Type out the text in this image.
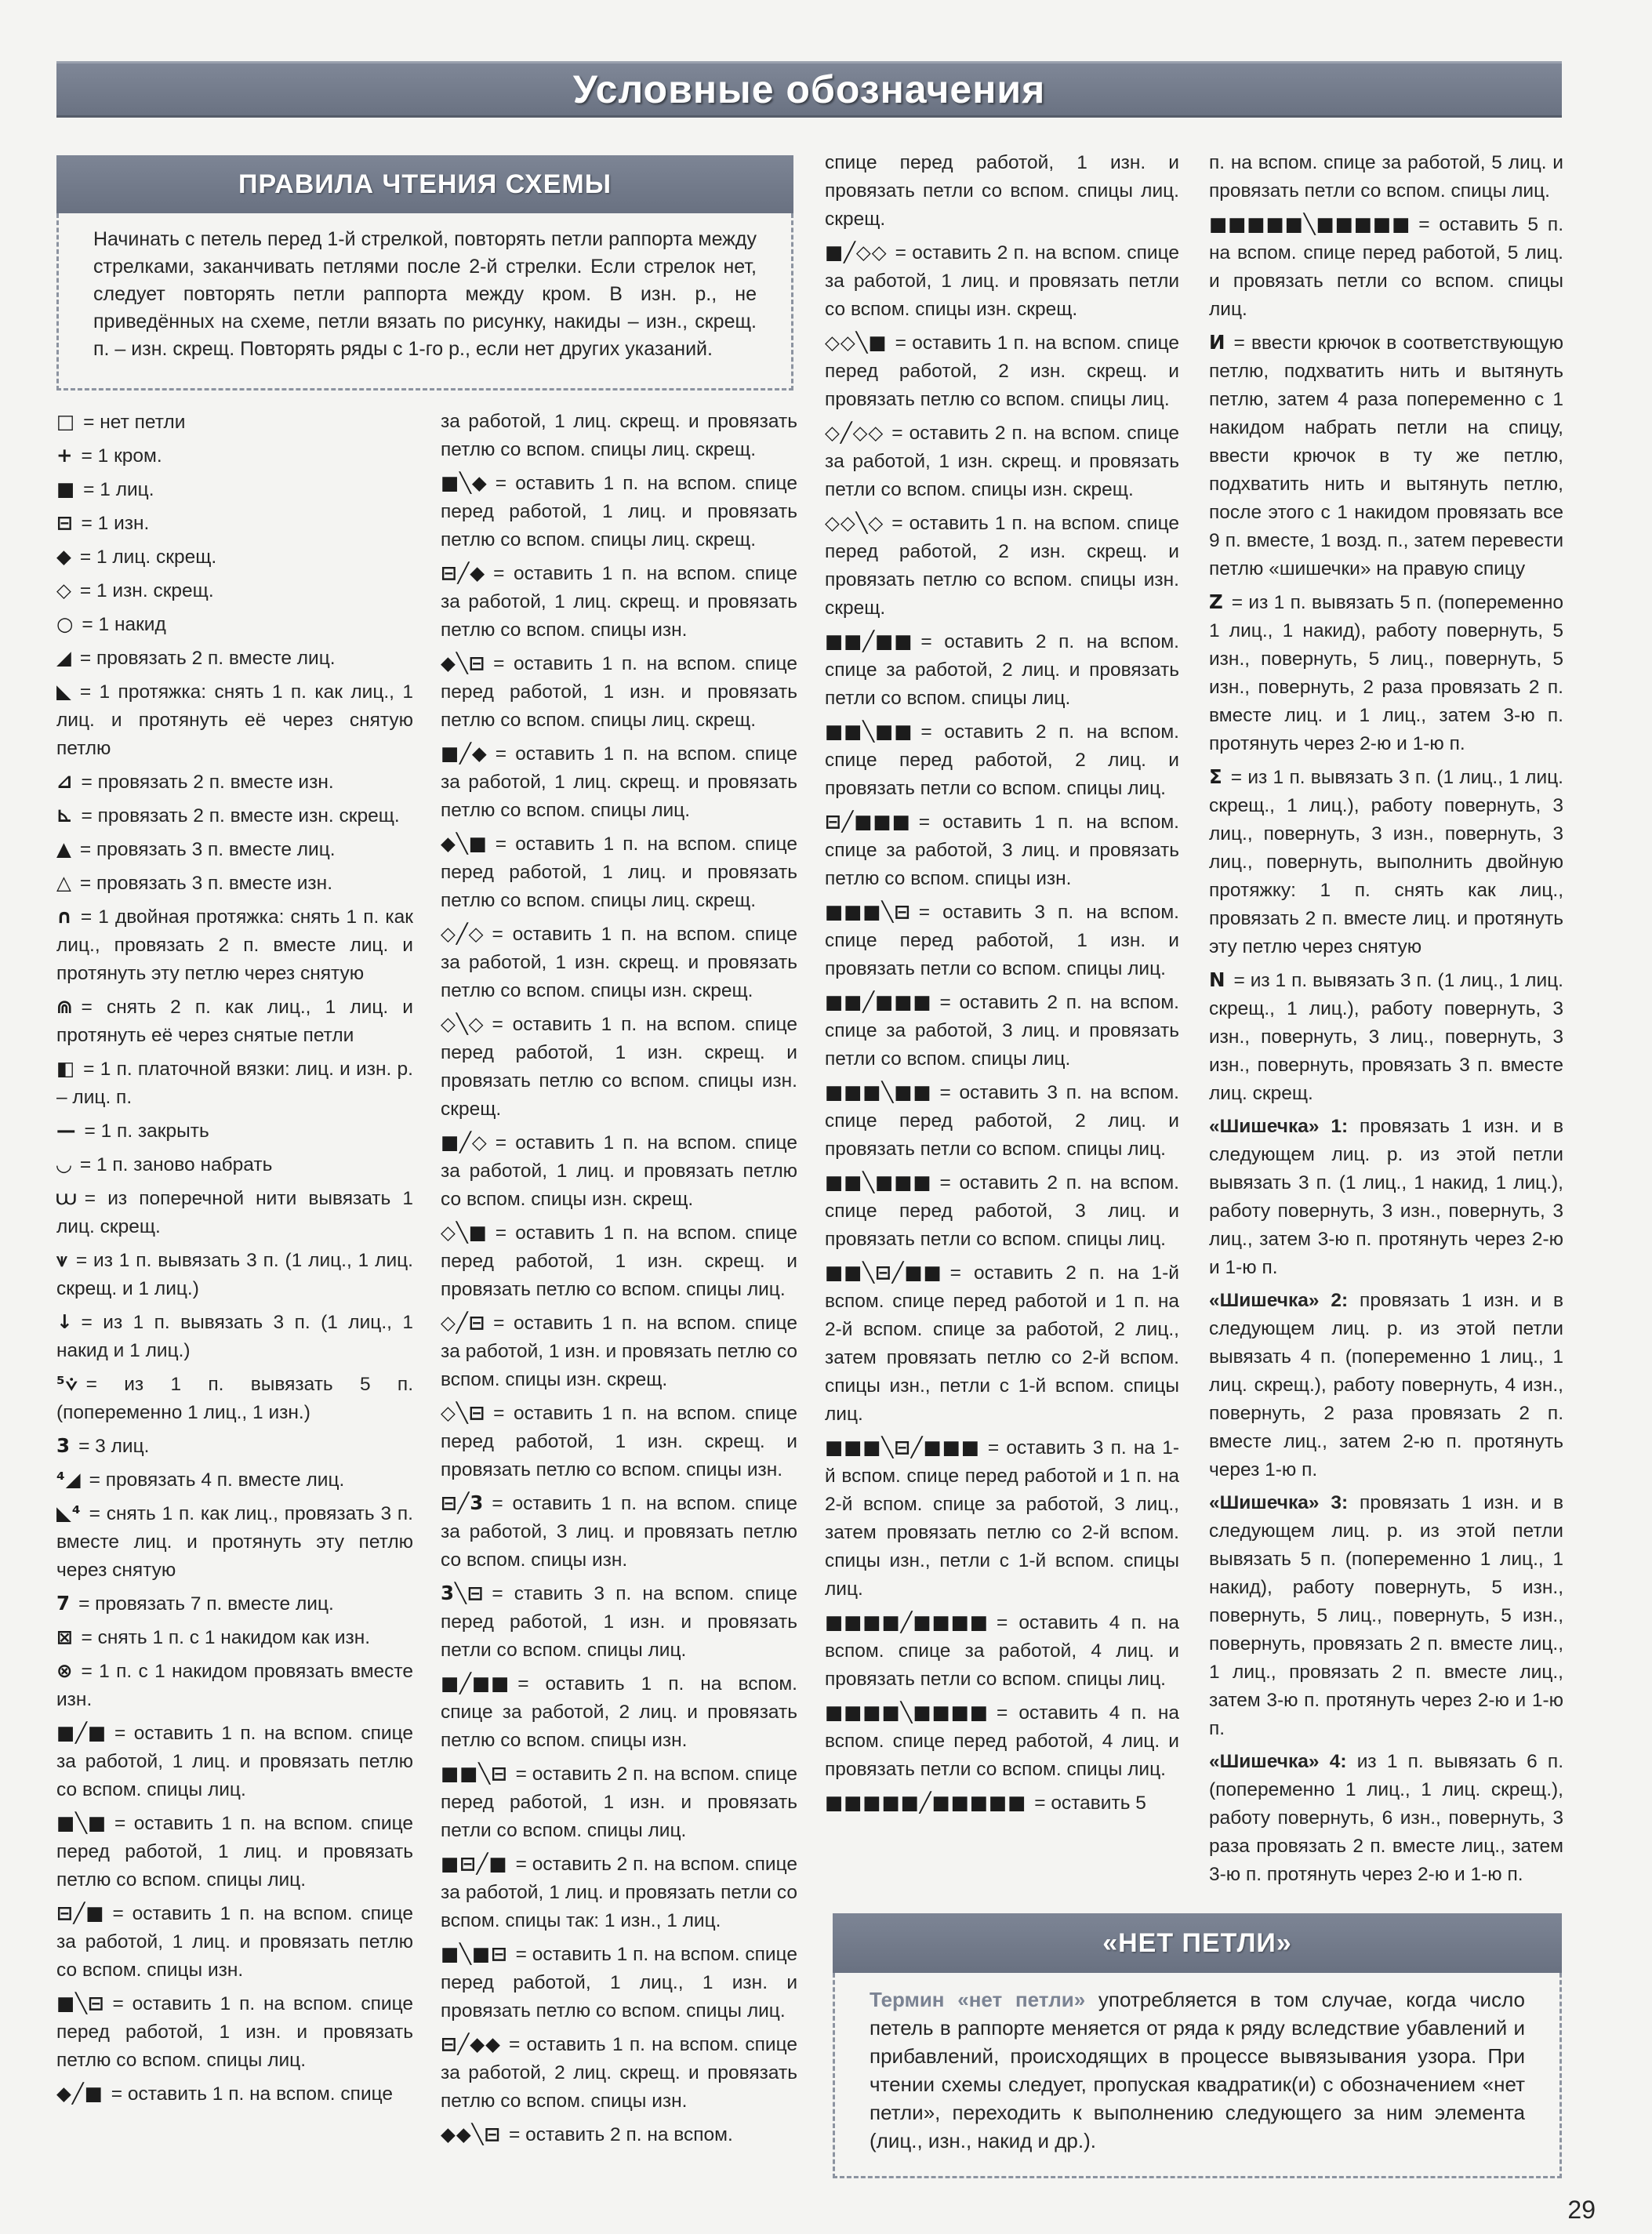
Условные обозначения
ПРАВИЛА ЧТЕНИЯ СХЕМЫ

Начинать с петель перед 1-й стрелкой, повторять петли раппорта между стрелками, заканчивать петлями после 2-й стрелки. Если стрелок нет, следует повторять петли раппорта между кром. В изн. р., не приведённых на схеме, петли вязать по рисунку, накиды – изн., скрещ. п. – изн. скрещ. Повторять ряды с 1-го р., если нет других указаний.

□ = нет петли
+ = 1 кром.
■ = 1 лиц.
⊟ = 1 изн.
◆ = 1 лиц. скрещ.
◇ = 1 изн. скрещ.
○ = 1 накид
◢ = провязать 2 п. вместе лиц.
◣ = 1 протяжка: снять 1 п. как лиц., 1 лиц. и протянуть её через снятую петлю
⊿ = провязать 2 п. вместе изн.
⊾ = провязать 2 п. вместе изн. скрещ.
▲ = провязать 3 п. вместе лиц.
△ = провязать 3 п. вместе изн.
∩ = 1 двойная протяжка: снять 1 п. как лиц., провязать 2 п. вместе лиц. и протянуть эту петлю через снятую
⋒ = снять 2 п. как лиц., 1 лиц. и протянуть её через снятые петли
◧ = 1 п. платочной вязки: лиц. и изн. р. – лиц. п.
— = 1 п. закрыть
◡ = 1 п. заново набрать
⩊ = из поперечной нити вывязать 1 лиц. скрещ.
⩛ = из 1 п. вывязать 3 п. (1 лиц., 1 лиц. скрещ. и 1 лиц.)
↓ = из 1 п. вывязать 3 п. (1 лиц., 1 накид и 1 лиц.)
⁵⩒ = из 1 п. вывязать 5 п. (попеременно 1 лиц., 1 изн.)
3 = 3 лиц.
⁴◢ = провязать 4 п. вместе лиц.
◣⁴ = снять 1 п. как лиц., провязать 3 п. вместе лиц. и протянуть эту петлю через снятую
7 = провязать 7 п. вместе лиц.
⊠ = снять 1 п. с 1 накидом как изн.
⊗ = 1 п. с 1 накидом провязать вместе изн.
■╱■ = оставить 1 п. на вспом. спице за работой, 1 лиц. и провязать петлю со вспом. спицы лиц.
■╲■ = оставить 1 п. на вспом. спице перед работой, 1 лиц. и провязать петлю со вспом. спицы лиц.
⊟╱■ = оставить 1 п. на вспом. спице за работой, 1 лиц. и провязать петлю со вспом. спицы изн.
■╲⊟ = оставить 1 п. на вспом. спице перед работой, 1 изн. и провязать петлю со вспом. спицы лиц.
◆╱■ = оставить 1 п. на вспом. спице
за работой, 1 лиц. скрещ. и провязать петлю со вспом. спицы лиц. скрещ.
■╲◆ = оставить 1 п. на вспом. спице перед работой, 1 лиц. и провязать петлю со вспом. спицы лиц. скрещ.
⊟╱◆ = оставить 1 п. на вспом. спице за работой, 1 лиц. скрещ. и провязать петлю со вспом. спицы изн.
◆╲⊟ = оставить 1 п. на вспом. спице перед работой, 1 изн. и провязать петлю со вспом. спицы лиц. скрещ.
■╱◆ = оставить 1 п. на вспом. спице за работой, 1 лиц. скрещ. и провязать петлю со вспом. спицы лиц.
◆╲■ = оставить 1 п. на вспом. спице перед работой, 1 лиц. и провязать петлю со вспом. спицы лиц. скрещ.
◇╱◇ = оставить 1 п. на вспом. спице за работой, 1 изн. скрещ. и провязать петлю со вспом. спицы изн. скрещ.
◇╲◇ = оставить 1 п. на вспом. спице перед работой, 1 изн. скрещ. и провязать петлю со вспом. спицы изн. скрещ.
■╱◇ = оставить 1 п. на вспом. спице за работой, 1 лиц. и провязать петлю со вспом. спицы изн. скрещ.
◇╲■ = оставить 1 п. на вспом. спице перед работой, 1 изн. скрещ. и провязать петлю со вспом. спицы лиц.
◇╱⊟ = оставить 1 п. на вспом. спице за работой, 1 изн. и провязать петлю со вспом. спицы изн. скрещ.
◇╲⊟ = оставить 1 п. на вспом. спице перед работой, 1 изн. скрещ. и провязать петлю со вспом. спицы изн.
⊟╱3 = оставить 1 п. на вспом. спице за работой, 3 лиц. и провязать петлю со вспом. спицы изн.
3╲⊟ = ставить 3 п. на вспом. спице перед работой, 1 изн. и провязать петли со вспом. спицы лиц.
■╱■■ = оставить 1 п. на вспом. спице за работой, 2 лиц. и провязать петлю со вспом. спицы изн.
■■╲⊟ = оставить 2 п. на вспом. спице перед работой, 1 изн. и провязать петли со вспом. спицы лиц.
■⊟╱■ = оставить 2 п. на вспом. спице за работой, 1 лиц. и провязать петли со вспом. спицы так: 1 изн., 1 лиц.
■╲■⊟ = оставить 1 п. на вспом. спице перед работой, 1 лиц., 1 изн. и провязать петлю со вспом. спицы лиц.
⊟╱◆◆ = оставить 1 п. на вспом. спице за работой, 2 лиц. скрещ. и провязать петлю со вспом. спицы изн.
◆◆╲⊟ = оставить 2 п. на вспом.
спице перед работой, 1 изн. и провязать петли со вспом. спицы лиц. скрещ.
■╱◇◇ = оставить 2 п. на вспом. спице за работой, 1 лиц. и провязать петли со вспом. спицы изн. скрещ.
◇◇╲■ = оставить 1 п. на вспом. спице перед работой, 2 изн. скрещ. и провязать петлю со вспом. спицы лиц.
◇╱◇◇ = оставить 2 п. на вспом. спице за работой, 1 изн. скрещ. и провязать петли со вспом. спицы изн. скрещ.
◇◇╲◇ = оставить 1 п. на вспом. спице перед работой, 2 изн. скрещ. и провязать петлю со вспом. спицы изн. скрещ.
■■╱■■ = оставить 2 п. на вспом. спице за работой, 2 лиц. и провязать петли со вспом. спицы лиц.
■■╲■■ = оставить 2 п. на вспом. спице перед работой, 2 лиц. и провязать петли со вспом. спицы лиц.
⊟╱■■■ = оставить 1 п. на вспом. спице за работой, 3 лиц. и провязать петлю со вспом. спицы изн.
■■■╲⊟ = оставить 3 п. на вспом. спице перед работой, 1 изн. и провязать петли со вспом. спицы лиц.
■■╱■■■ = оставить 2 п. на вспом. спице за работой, 3 лиц. и провязать петли со вспом. спицы лиц.
■■■╲■■ = оставить 3 п. на вспом. спице перед работой, 2 лиц. и провязать петли со вспом. спицы лиц.
■■╲■■■ = оставить 2 п. на вспом. спице перед работой, 3 лиц. и провязать петли со вспом. спицы лиц.
■■╲⊟╱■■ = оставить 2 п. на 1-й вспом. спице перед работой и 1 п. на 2-й вспом. спице за работой, 2 лиц., затем провязать петлю со 2-й вспом. спицы изн., петли с 1-й вспом. спицы лиц.
■■■╲⊟╱■■■ = оставить 3 п. на 1-й вспом. спице перед работой и 1 п. на 2-й вспом. спице за работой, 3 лиц., затем провязать петлю со 2-й вспом. спицы изн., петли с 1-й вспом. спицы лиц.
■■■■╱■■■■ = оставить 4 п. на вспом. спице за работой, 4 лиц. и провязать петли со вспом. спицы лиц.
■■■■╲■■■■ = оставить 4 п. на вспом. спице перед работой, 4 лиц. и провязать петли со вспом. спицы лиц.
■■■■■╱■■■■■ = оставить 5
п. на вспом. спице за работой, 5 лиц. и провязать петли со вспом. спицы лиц.
■■■■■╲■■■■■ = оставить 5 п. на вспом. спице перед работой, 5 лиц. и провязать петли со вспом. спицы лиц.
И = ввести крючок в соответствующую петлю, подхватить нить и вытянуть петлю, затем 4 раза попеременно с 1 накидом набрать петли на спицу, ввести крючок в ту же петлю, подхватить нить и вытянуть петлю, после этого с 1 накидом провязать все 9 п. вместе, 1 возд. п., затем перевести петлю «шишечки» на правую спицу
Z = из 1 п. вывязать 5 п. (попеременно 1 лиц., 1 накид), работу повернуть, 5 изн., повернуть, 5 лиц., повернуть, 5 изн., повернуть, 2 раза провязать 2 п. вместе лиц. и 1 лиц., затем 3-ю п. протянуть через 2-ю и 1-ю п.
Σ = из 1 п. вывязать 3 п. (1 лиц., 1 лиц. скрещ., 1 лиц.), работу повернуть, 3 лиц., повернуть, 3 изн., повернуть, 3 лиц., повернуть, выполнить двойную протяжку: 1 п. снять как лиц., провязать 2 п. вместе лиц. и протянуть эту петлю через снятую
N = из 1 п. вывязать 3 п. (1 лиц., 1 лиц. скрещ., 1 лиц.), работу повернуть, 3 изн., повернуть, 3 лиц., повернуть, 3 изн., повернуть, провязать 3 п. вместе лиц. скрещ.
«Шишечка» 1: провязать 1 изн. и в следующем лиц. р. из этой петли вывязать 3 п. (1 лиц., 1 накид, 1 лиц.), работу повернуть, 3 изн., повернуть, 3 лиц., затем 3-ю п. протянуть через 2-ю и 1-ю п.
«Шишечка» 2: провязать 1 изн. и в следующем лиц. р. из этой петли вывязать 4 п. (попеременно 1 лиц., 1 лиц. скрещ.), работу повернуть, 4 изн., повернуть, 2 раза провязать 2 п. вместе лиц., затем 2-ю п. протянуть через 1-ю п.
«Шишечка» 3: провязать 1 изн. и в следующем лиц. р. из этой петли вывязать 5 п. (попеременно 1 лиц., 1 накид), работу повернуть, 5 изн., повернуть, 5 лиц., повернуть, 5 изн., повернуть, провязать 2 п. вместе лиц., 1 лиц., провязать 2 п. вместе лиц., затем 3-ю п. протянуть через 2-ю и 1-ю п.
«Шишечка» 4: из 1 п. вывязать 6 п. (попеременно 1 лиц., 1 лиц. скрещ.), работу повернуть, 6 изн., повернуть, 3 раза провязать 2 п. вместе лиц., затем 3-ю п. протянуть через 2-ю и 1-ю п.
«НЕТ ПЕТЛИ»

Термин «нет петли» употребляется в том случае, когда число петель в раппорте меняется от ряда к ряду вследствие убавлений и прибавлений, происходящих в процессе вывязывания узора. При чтении схемы следует, пропуская квадратик(и) с обозначением «нет петли», переходить к выполнению следующего за ним элемента (лиц., изн., накид и др.).

29
